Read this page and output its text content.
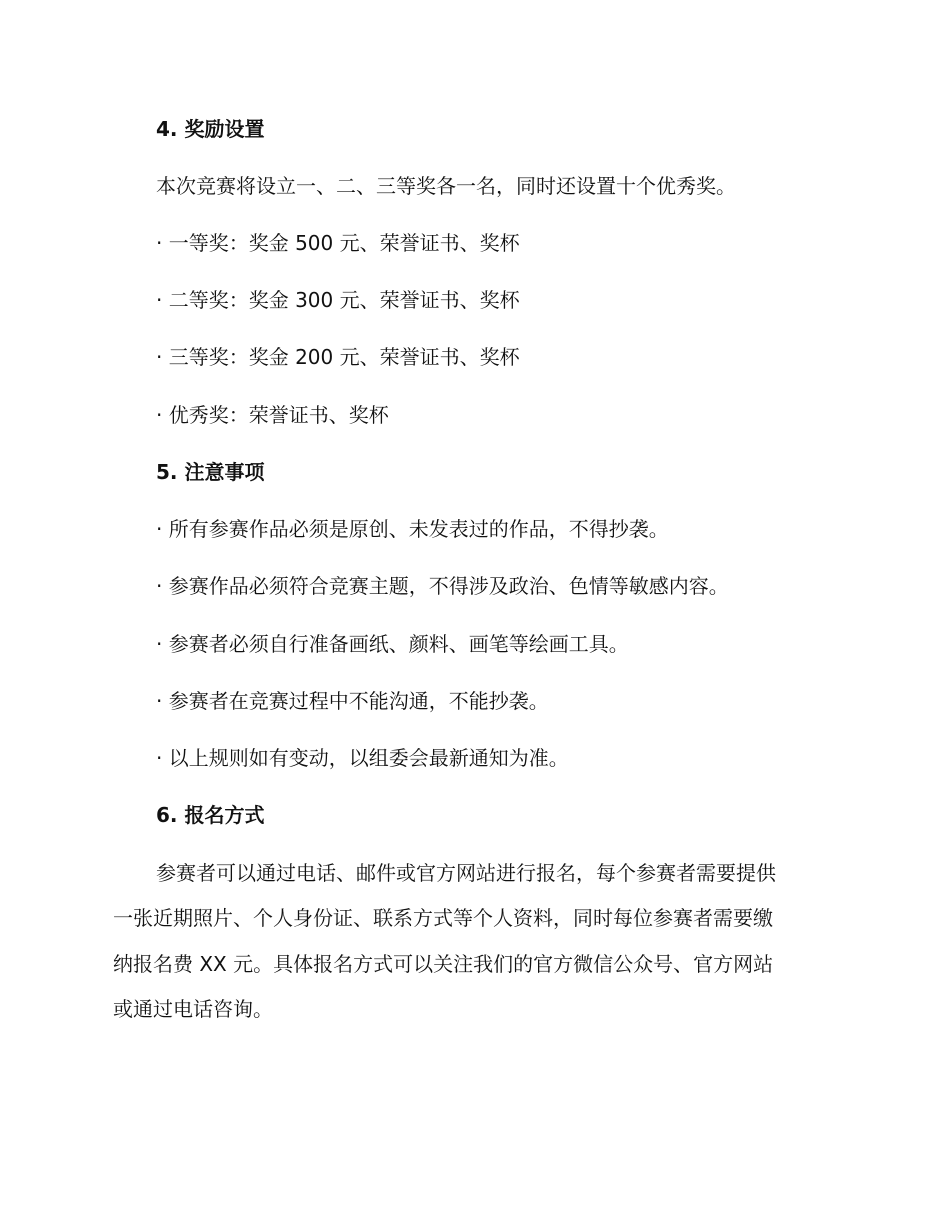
4. 奖励设置
本次竞赛将设立一、二、三等奖各一名，同时还设置十个优秀奖。
· 一等奖：奖金 500 元、荣誉证书、奖杯
· 二等奖：奖金 300 元、荣誉证书、奖杯
· 三等奖：奖金 200 元、荣誉证书、奖杯
· 优秀奖：荣誉证书、奖杯
5. 注意事项
· 所有参赛作品必须是原创、未发表过的作品，不得抄袭。
· 参赛作品必须符合竞赛主题，不得涉及政治、色情等敏感内容。
· 参赛者必须自行准备画纸、颜料、画笔等绘画工具。
· 参赛者在竞赛过程中不能沟通，不能抄袭。
· 以上规则如有变动，以组委会最新通知为准。
6. 报名方式
参赛者可以通过电话、邮件或官方网站进行报名，每个参赛者需要提供
一张近期照片、个人身份证、联系方式等个人资料，同时每位参赛者需要缴
纳报名费 XX 元。具体报名方式可以关注我们的官方微信公众号、官方网站
或通过电话咨询。
